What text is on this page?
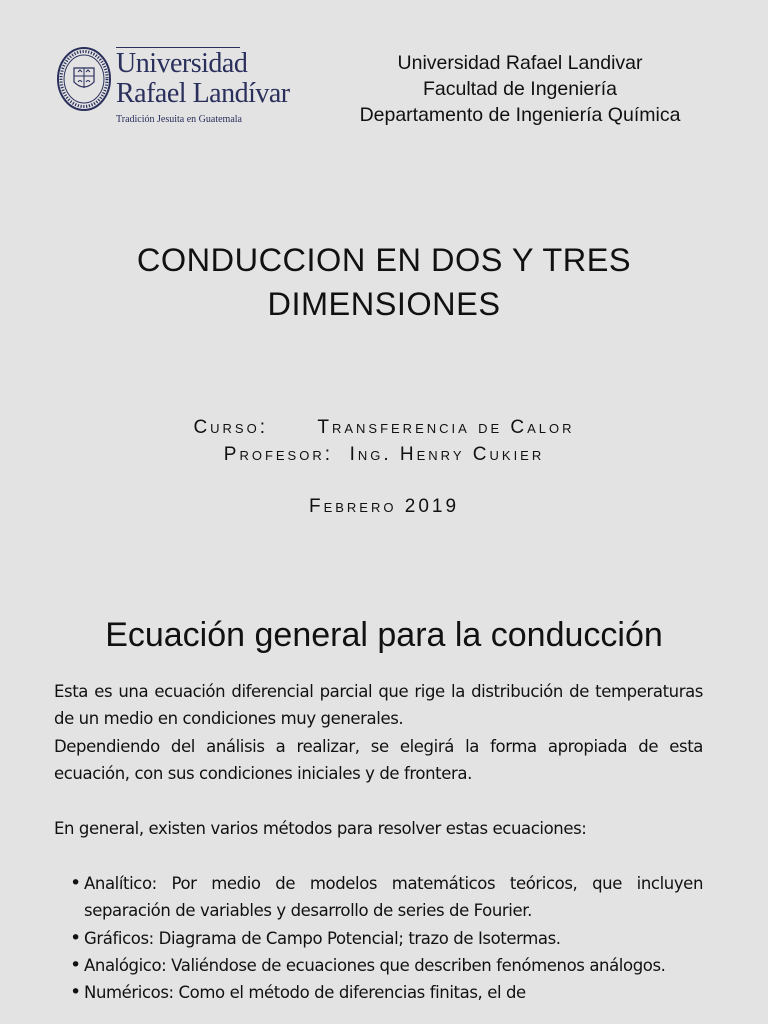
Universidad
Rafael Landívar
Tradición Jesuita en Guatemala
Universidad Rafael Landivar
Facultad de Ingeniería
Departamento de Ingeniería Química
CONDUCCION EN DOS Y TRES
DIMENSIONES
Curso:	Transferencia de Calor
Profesor: Ing. Henry Cukier
Febrero 2019
Ecuación general para la conducción

Esta es una ecuación diferencial parcial que rige la distribución de temperaturas de un medio en condiciones muy generales.

Dependiendo del análisis a realizar, se elegirá la forma apropiada de esta ecuación, con sus condiciones iniciales y de frontera.

En general, existen varios métodos para resolver estas ecuaciones:

• Analítico: Por medio de modelos matemáticos teóricos, que incluyen separación de variables y desarrollo de series de Fourier.
• Gráficos: Diagrama de Campo Potencial; trazo de Isotermas.
• Analógico: Valiéndose de ecuaciones que describen fenómenos análogos.
• Numéricos: Como el método de diferencias finitas, el de
